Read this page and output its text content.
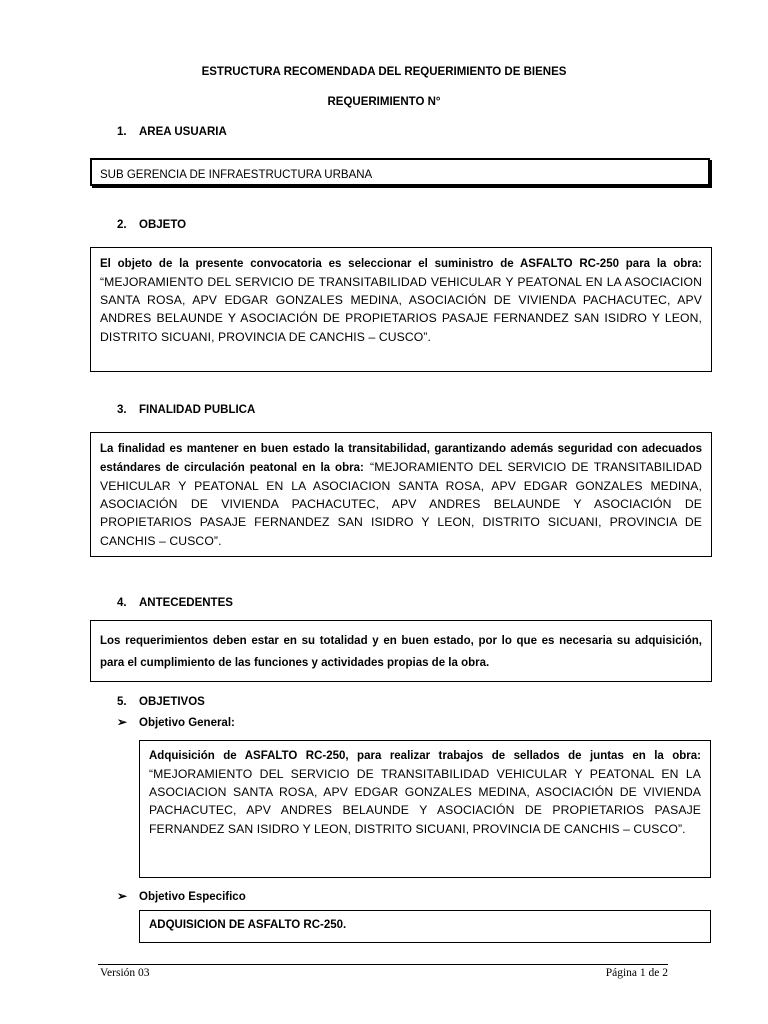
ESTRUCTURA RECOMENDADA DEL REQUERIMIENTO DE BIENES
REQUERIMIENTO N°
1. AREA USUARIA
SUB GERENCIA DE INFRAESTRUCTURA URBANA
2. OBJETO
El objeto de la presente convocatoria es seleccionar el suministro de ASFALTO RC-250 para la obra: “MEJORAMIENTO DEL SERVICIO DE TRANSITABILIDAD VEHICULAR Y PEATONAL EN LA ASOCIACION SANTA ROSA, APV EDGAR GONZALES MEDINA, ASOCIACIÓN DE VIVIENDA PACHACUTEC, APV ANDRES BELAUNDE Y ASOCIACIÓN DE PROPIETARIOS PASAJE FERNANDEZ SAN ISIDRO Y LEON, DISTRITO SICUANI, PROVINCIA DE CANCHIS – CUSCO”.
3. FINALIDAD PUBLICA
La finalidad es mantener en buen estado la transitabilidad, garantizando además seguridad con adecuados estándares de circulación peatonal en la obra: “MEJORAMIENTO DEL SERVICIO DE TRANSITABILIDAD VEHICULAR Y PEATONAL EN LA ASOCIACION SANTA ROSA, APV EDGAR GONZALES MEDINA, ASOCIACIÓN DE VIVIENDA PACHACUTEC, APV ANDRES BELAUNDE Y ASOCIACIÓN DE PROPIETARIOS PASAJE FERNANDEZ SAN ISIDRO Y LEON, DISTRITO SICUANI, PROVINCIA DE CANCHIS – CUSCO”.
4. ANTECEDENTES
Los requerimientos deben estar en su totalidad y en buen estado, por lo que es necesaria su adquisición, para el cumplimiento de las funciones y actividades propias de la obra.
5. OBJETIVOS
➢ Objetivo General:
Adquisición de ASFALTO RC-250, para realizar trabajos de sellados de juntas en la obra: “MEJORAMIENTO DEL SERVICIO DE TRANSITABILIDAD VEHICULAR Y PEATONAL EN LA ASOCIACION SANTA ROSA, APV EDGAR GONZALES MEDINA, ASOCIACIÓN DE VIVIENDA PACHACUTEC, APV ANDRES BELAUNDE Y ASOCIACIÓN DE PROPIETARIOS PASAJE FERNANDEZ SAN ISIDRO Y LEON, DISTRITO SICUANI, PROVINCIA DE CANCHIS – CUSCO”.
➢ Objetivo Especifico
ADQUISICION DE ASFALTO RC-250.
Versión 03	Página 1 de 2
